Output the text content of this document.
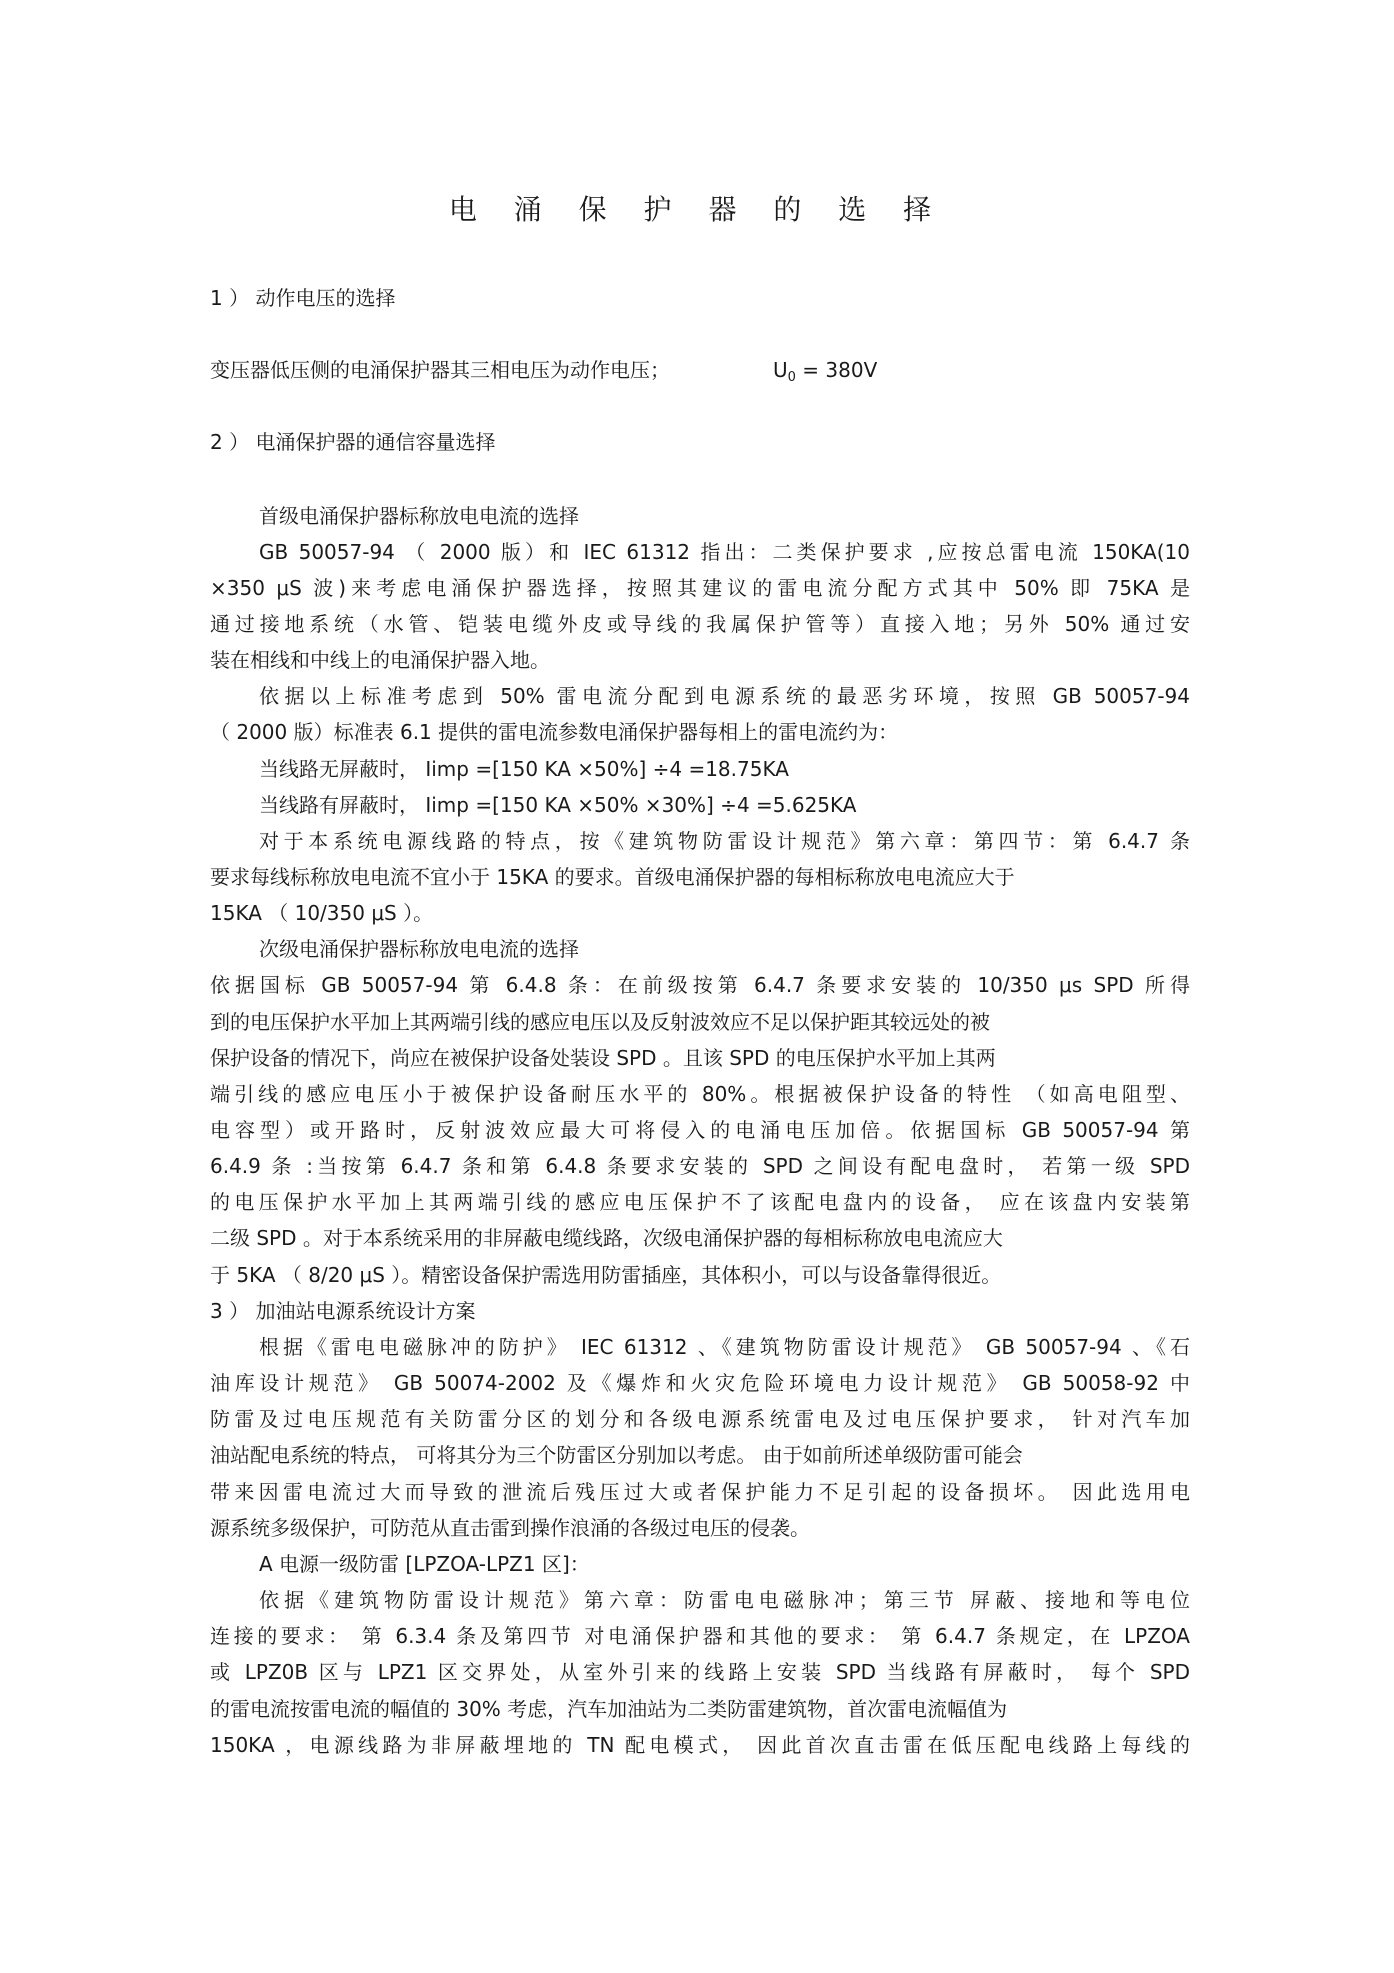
电 涌 保 护 器 的 选 择
1 ） 动作电压的选择
变压器低压侧的电涌保护器其三相电压为动作电压；	$U_0 = 380V$
2 ） 电涌保护器的通信容量选择
首级电涌保护器标称放电电流的选择
GB 50057-94 （ 2000 版）和 IEC 61312 指出：二类保护要求 ,应按总雷电流 150KA(10
×350 μS 波)来考虑电涌保护器选择，按照其建议的雷电流分配方式其中 50% 即 75KA 是
通过接地系统（水管、铠装电缆外皮或导线的我属保护管等）直接入地；另外 50% 通过安
装在相线和中线上的电涌保护器入地。
依据以上标准考虑到 50% 雷电流分配到电源系统的最恶劣环境，按照 GB 50057-94
（ 2000 版）标准表 6.1 提供的雷电流参数电涌保护器每相上的雷电流约为：
当线路无屏蔽时， Iimp =[150 KA ×50%] ÷4 =18.75KA
当线路有屏蔽时， Iimp =[150 KA ×50% ×30%] ÷4 =5.625KA
对于本系统电源线路的特点，按《建筑物防雷设计规范》第六章：第四节：第 6.4.7 条
要求每线标称放电电流不宜小于 15KA 的要求。首级电涌保护器的每相标称放电电流应大于
15KA （ 10/350 μS ）。
次级电涌保护器标称放电电流的选择
依据国标 GB 50057-94 第 6.4.8 条：在前级按第 6.4.7 条要求安装的 10/350 μs SPD 所得
到的电压保护水平加上其两端引线的感应电压以及反射波效应不足以保护距其较远处的被
保护设备的情况下，尚应在被保护设备处装设 SPD 。且该 SPD 的电压保护水平加上其两
端引线的感应电压小于被保护设备耐压水平的 80%。根据被保护设备的特性 （如高电阻型、
电容型）或开路时，反射波效应最大可将侵入的电涌电压加倍。依据国标 GB 50057-94 第
6.4.9 条 :当按第 6.4.7 条和第 6.4.8 条要求安装的 SPD 之间设有配电盘时， 若第一级 SPD
的电压保护水平加上其两端引线的感应电压保护不了该配电盘内的设备， 应在该盘内安装第
二级 SPD 。对于本系统采用的非屏蔽电缆线路，次级电涌保护器的每相标称放电电流应大
于 5KA （ 8/20 μS ）。精密设备保护需选用防雷插座，其体积小，可以与设备靠得很近。
3 ） 加油站电源系统设计方案
根据《雷电电磁脉冲的防护》 IEC 61312 、《建筑物防雷设计规范》 GB 50057-94 、《石
油库设计规范》 GB 50074-2002 及《爆炸和火灾危险环境电力设计规范》 GB 50058-92 中
防雷及过电压规范有关防雷分区的划分和各级电源系统雷电及过电压保护要求， 针对汽车加
油站配电系统的特点， 可将其分为三个防雷区分别加以考虑。 由于如前所述单级防雷可能会
带来因雷电流过大而导致的泄流后残压过大或者保护能力不足引起的设备损坏。 因此选用电
源系统多级保护，可防范从直击雷到操作浪涌的各级过电压的侵袭。
A 电源一级防雷 [LPZOA-LPZ1 区]：
依据《建筑物防雷设计规范》第六章：防雷电电磁脉冲；第三节 屏蔽、接地和等电位
连接的要求： 第 6.3.4 条及第四节 对电涌保护器和其他的要求： 第 6.4.7 条规定，在 LPZOA
或 LPZ0B 区与 LPZ1 区交界处，从室外引来的线路上安装 SPD 当线路有屏蔽时， 每个 SPD
的雷电流按雷电流的幅值的 30% 考虑，汽车加油站为二类防雷建筑物，首次雷电流幅值为
150KA ，电源线路为非屏蔽埋地的 TN 配电模式， 因此首次直击雷在低压配电线路上每线的
